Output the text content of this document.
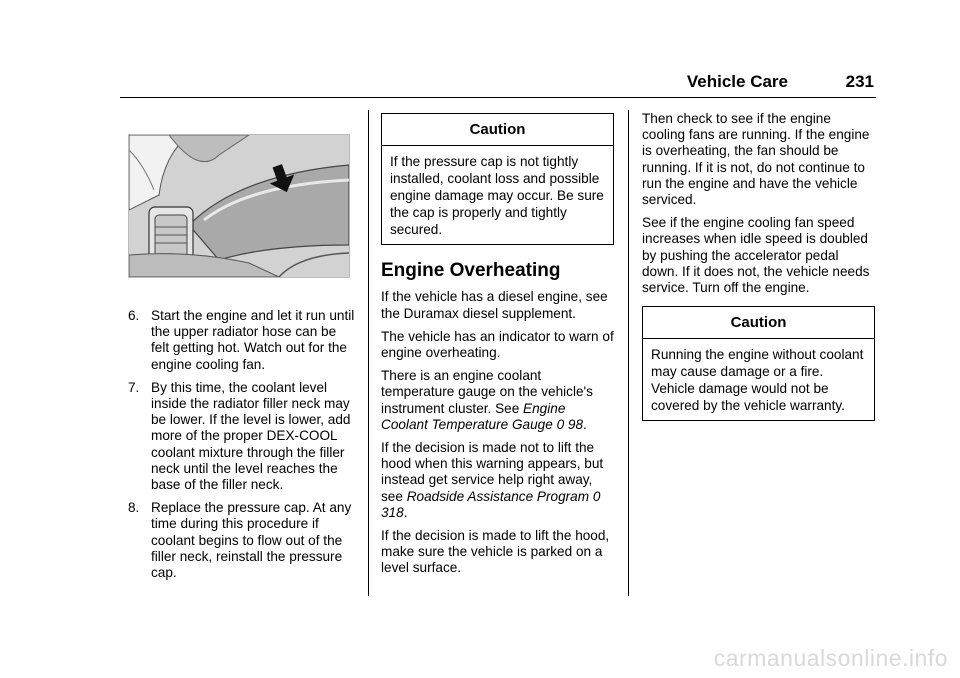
Vehicle Care	231
6. Start the engine and let it run until the upper radiator hose can be felt getting hot. Watch out for the engine cooling fan.
7. By this time, the coolant level inside the radiator filler neck may be lower. If the level is lower, add more of the proper DEX-COOL coolant mixture through the filler neck until the level reaches the base of the filler neck.
8. Replace the pressure cap. At any time during this procedure if coolant begins to flow out of the filler neck, reinstall the pressure cap.
Caution
If the pressure cap is not tightly installed, coolant loss and possible engine damage may occur. Be sure the cap is properly and tightly secured.
Engine Overheating

If the vehicle has a diesel engine, see the Duramax diesel supplement.

The vehicle has an indicator to warn of engine overheating.

There is an engine coolant temperature gauge on the vehicle's instrument cluster. See Engine Coolant Temperature Gauge 0 98.

If the decision is made not to lift the hood when this warning appears, but instead get service help right away, see Roadside Assistance Program 0 318.

If the decision is made to lift the hood, make sure the vehicle is parked on a level surface.

Then check to see if the engine cooling fans are running. If the engine is overheating, the fan should be running. If it is not, do not continue to run the engine and have the vehicle serviced.

See if the engine cooling fan speed increases when idle speed is doubled by pushing the accelerator pedal down. If it does not, the vehicle needs service. Turn off the engine.

Caution
Running the engine without coolant may cause damage or a fire. Vehicle damage would not be covered by the vehicle warranty.
carmanualsonline.info
